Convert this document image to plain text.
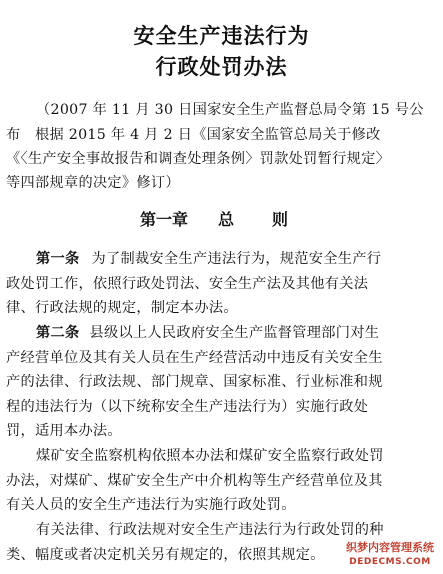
安全生产违法行为
行政处罚办法
（2007 年 11 月 30 日国家安全生产监督总局令第 15 号公
布　根据 2015 年 4 月 2 日《国家安全监管总局关于修改
《〈生产安全事故报告和调查处理条例〉罚款处罚暂行规定〉
等四部规章的决定》修订）
第一章 总 则
第一条 为了制裁安全生产违法行为，规范安全生产行
政处罚工作，依照行政处罚法、安全生产法及其他有关法
律、行政法规的规定，制定本办法。
第二条 县级以上人民政府安全生产监督管理部门对生
产经营单位及其有关人员在生产经营活动中违反有关安全生
产的法律、行政法规、部门规章、国家标准、行业标准和规
程的违法行为（以下统称安全生产违法行为）实施行政处
罚，适用本办法。
煤矿安全监察机构依照本办法和煤矿安全监察行政处罚
办法，对煤矿、煤矿安全生产中介机构等生产经营单位及其
有关人员的安全生产违法行为实施行政处罚。
有关法律、行政法规对安全生产违法行为行政处罚的种
类、幅度或者决定机关另有规定的，依照其规定。 织梦内容管理系统
DEDECMS.COM
